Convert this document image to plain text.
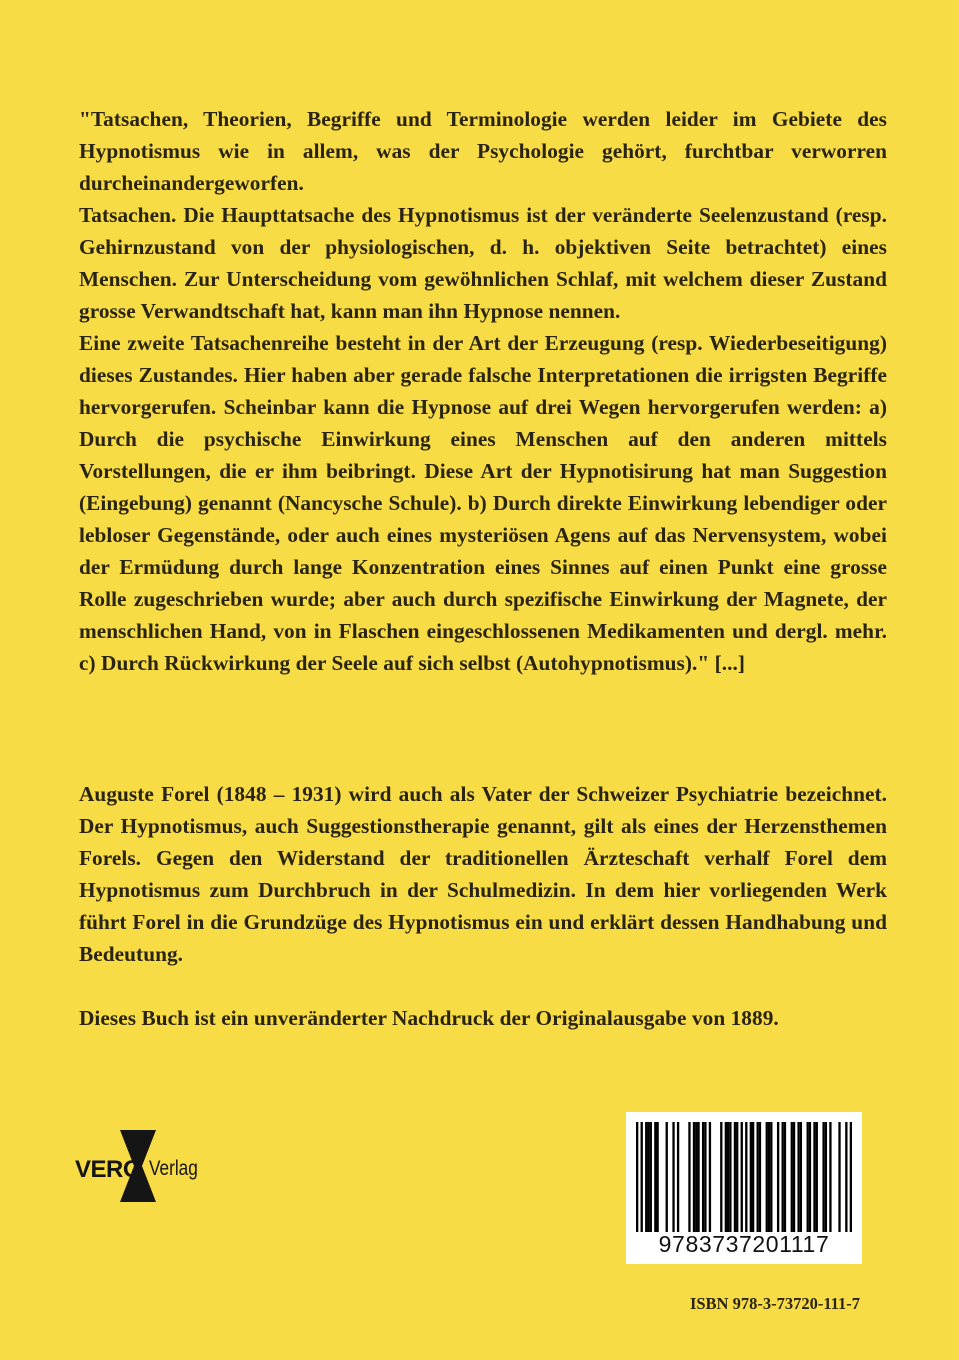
"Tatsachen, Theorien, Begriffe und Terminologie werden leider im Gebiete des Hypnotismus wie in allem, was der Psychologie gehört, furchtbar verworren durcheinandergeworfen.

Tatsachen. Die Haupttatsache des Hypnotismus ist der veränderte Seelenzustand (resp. Gehirnzustand von der physiologischen, d. h. objektiven Seite betrachtet) eines Menschen. Zur Unterscheidung vom gewöhnlichen Schlaf, mit welchem dieser Zustand grosse Verwandtschaft hat, kann man ihn Hypnose nennen.

Eine zweite Tatsachenreihe besteht in der Art der Erzeugung (resp. Wiederbeseitigung) dieses Zustandes. Hier haben aber gerade falsche Interpretationen die irrigsten Begriffe hervorgerufen. Scheinbar kann die Hypnose auf drei Wegen hervorgerufen werden: a) Durch die psychische Einwirkung eines Menschen auf den anderen mittels Vorstellungen, die er ihm beibringt. Diese Art der Hypnotisirung hat man Suggestion (Eingebung) genannt (Nancysche Schule). b) Durch direkte Einwirkung lebendiger oder lebloser Gegenstände, oder auch eines mysteriösen Agens auf das Nervensystem, wobei der Ermüdung durch lange Konzentration eines Sinnes auf einen Punkt eine grosse Rolle zugeschrieben wurde; aber auch durch spezifische Einwirkung der Magnete, der menschlichen Hand, von in Flaschen eingeschlossenen Medikamenten und dergl. mehr. c) Durch Rückwirkung der Seele auf sich selbst (Autohypnotismus)." [...]

Auguste Forel (1848 – 1931) wird auch als Vater der Schweizer Psychiatrie bezeichnet. Der Hypnotismus, auch Suggestionstherapie genannt, gilt als eines der Herzensthemen Forels. Gegen den Widerstand der traditionellen Ärzteschaft verhalf Forel dem Hypnotismus zum Durchbruch in der Schulmedizin. In dem hier vorliegenden Werk führt Forel in die Grundzüge des Hypnotismus ein und erklärt dessen Handhabung und Bedeutung.

Dieses Buch ist ein unveränderter Nachdruck der Originalausgabe von 1889.

VERO Verlag
9783737201117
ISBN 978-3-73720-111-7
